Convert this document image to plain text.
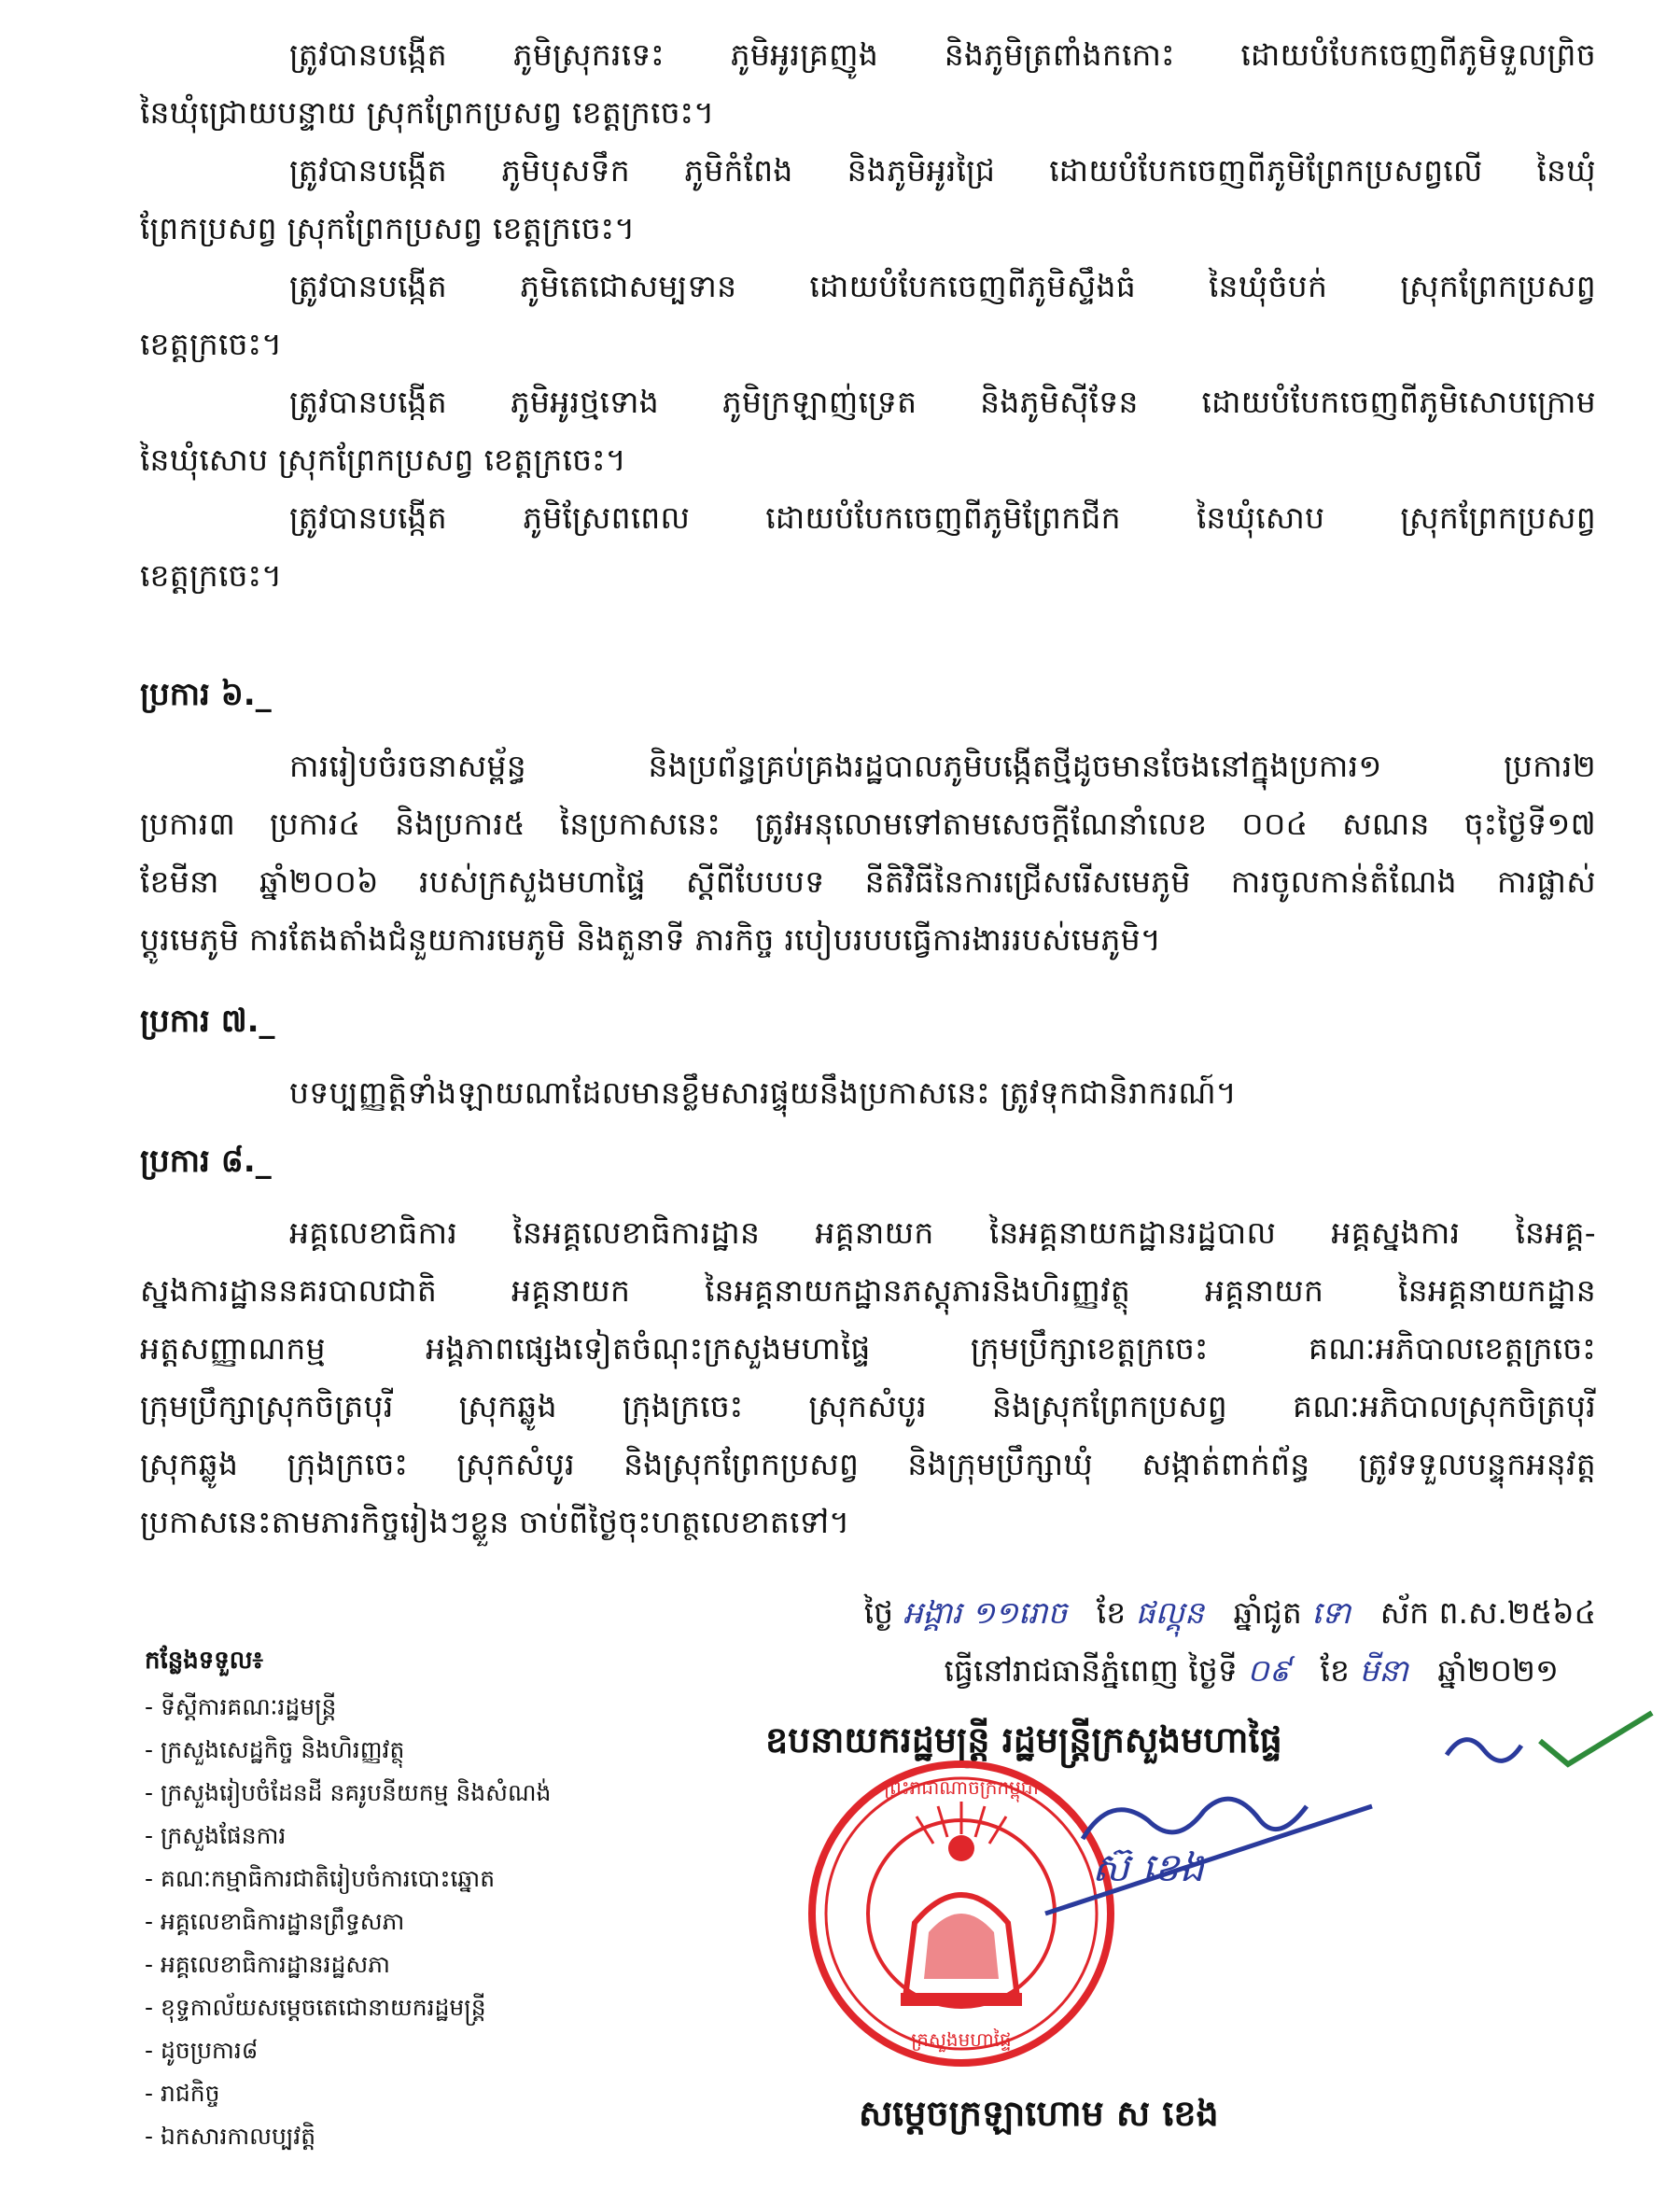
ត្រូវបានបង្កើត ភូមិស្រុករទេះ ភូមិអូរគ្រញូង និងភូមិត្រពាំងកកោះ ដោយបំបែកចេញពីភូមិទួលព្រិច
នៃឃុំជ្រោយបន្ទាយ ស្រុកព្រែកប្រសព្វ ខេត្តក្រចេះ។
ត្រូវបានបង្កើត ភូមិបុសទឹក ភូមិកំពែង និងភូមិអូរជ្រៃ ដោយបំបែកចេញពីភូមិព្រែកប្រសព្វលើ នៃឃុំ
ព្រែកប្រសព្វ ស្រុកព្រែកប្រសព្វ ខេត្តក្រចេះ។
ត្រូវបានបង្កើត ភូមិតេជោសម្បទាន ដោយបំបែកចេញពីភូមិស្ទឹងធំ នៃឃុំចំបក់ ស្រុកព្រែកប្រសព្វ
ខេត្តក្រចេះ។
ត្រូវបានបង្កើត ភូមិអូរថ្មទោង ភូមិក្រឡាញ់ទ្រេត និងភូមិស៊ីទែន ដោយបំបែកចេញពីភូមិសោបក្រោម
នៃឃុំសោប ស្រុកព្រែកប្រសព្វ ខេត្តក្រចេះ។
ត្រូវបានបង្កើត ភូមិស្រែពពេល ដោយបំបែកចេញពីភូមិព្រែកជីក នៃឃុំសោប ស្រុកព្រែកប្រសព្វ
ខេត្តក្រចេះ។
ប្រការ ៦._
ការរៀបចំរចនាសម្ព័ន្ធ និងប្រព័ន្ធគ្រប់គ្រងរដ្ឋបាលភូមិបង្កើតថ្មីដូចមានចែងនៅក្នុងប្រការ១ ប្រការ២
ប្រការ៣ ប្រការ៤ និងប្រការ៥ នៃប្រកាសនេះ ត្រូវអនុលោមទៅតាមសេចក្តីណែនាំលេខ ០០៤ សណន ចុះថ្ងៃទី១៧
ខែមីនា ឆ្នាំ២០០៦ របស់ក្រសួងមហាផ្ទៃ ស្តីពីបែបបទ នីតិវិធីនៃការជ្រើសរើសមេភូមិ ការចូលកាន់តំណែង ការផ្លាស់
ប្តូរមេភូមិ ការតែងតាំងជំនួយការមេភូមិ និងតួនាទី ភារកិច្ច របៀបរបបធ្វើការងាររបស់មេភូមិ។
ប្រការ ៧._
បទប្បញ្ញត្តិទាំងឡាយណាដែលមានខ្លឹមសារផ្ទុយនឹងប្រកាសនេះ ត្រូវទុកជានិរាករណ៍។
ប្រការ ៨._
អគ្គលេខាធិការ នៃអគ្គលេខាធិការដ្ឋាន អគ្គនាយក នៃអគ្គនាយកដ្ឋានរដ្ឋបាល អគ្គស្នងការ នៃអគ្គ-
ស្នងការដ្ឋាននគរបាលជាតិ អគ្គនាយក នៃអគ្គនាយកដ្ឋានភស្តុភារនិងហិរញ្ញវត្ថុ អគ្គនាយក នៃអគ្គនាយកដ្ឋាន
អត្តសញ្ញាណកម្ម អង្គភាពផ្សេងទៀតចំណុះក្រសួងមហាផ្ទៃ ក្រុមប្រឹក្សាខេត្តក្រចេះ គណៈអភិបាលខេត្តក្រចេះ
ក្រុមប្រឹក្សាស្រុកចិត្របុរី ស្រុកឆ្លូង ក្រុងក្រចេះ ស្រុកសំបូរ និងស្រុកព្រែកប្រសព្វ គណៈអភិបាលស្រុកចិត្របុរី
ស្រុកឆ្លូង ក្រុងក្រចេះ ស្រុកសំបូរ និងស្រុកព្រែកប្រសព្វ និងក្រុមប្រឹក្សាឃុំ សង្កាត់ពាក់ព័ន្ធ ត្រូវទទួលបន្ទុកអនុវត្ត
ប្រកាសនេះតាមភារកិច្ចរៀងៗខ្លួន ចាប់ពីថ្ងៃចុះហត្ថលេខាតទៅ។
ថ្ងៃ អង្គារ ១១រោច ខែ ផល្គុន ឆ្នាំជូត ទោ ស័ក ព.ស.២៥៦៤
ធ្វើនៅរាជធានីភ្នំពេញ ថ្ងៃទី ០៩ ខែ មីនា ឆ្នាំ២០២១
ឧបនាយករដ្ឋមន្ត្រី រដ្ឋមន្ត្រីក្រសួងមហាផ្ទៃ
ព្រះរាជាណាចក្រកម្ពុជា
ក្រសួងមហាផ្ទៃ
ស៊ ខេង
កន្លែងទទួល៖
- ទីស្តីការគណៈរដ្ឋមន្ត្រី
- ក្រសួងសេដ្ឋកិច្ច និងហិរញ្ញវត្ថុ
- ក្រសួងរៀបចំដែនដី នគរូបនីយកម្ម និងសំណង់
- ក្រសួងផែនការ
- គណៈកម្មាធិការជាតិរៀបចំការបោះឆ្នោត
- អគ្គលេខាធិការដ្ឋានព្រឹទ្ធសភា
- អគ្គលេខាធិការដ្ឋានរដ្ឋសភា
- ខុទ្ទកាល័យសម្តេចតេជោនាយករដ្ឋមន្ត្រី
- ដូចប្រការ៨
- រាជកិច្ច
- ឯកសារកាលប្បវត្តិ
សម្តេចក្រឡាហោម ស ខេង
